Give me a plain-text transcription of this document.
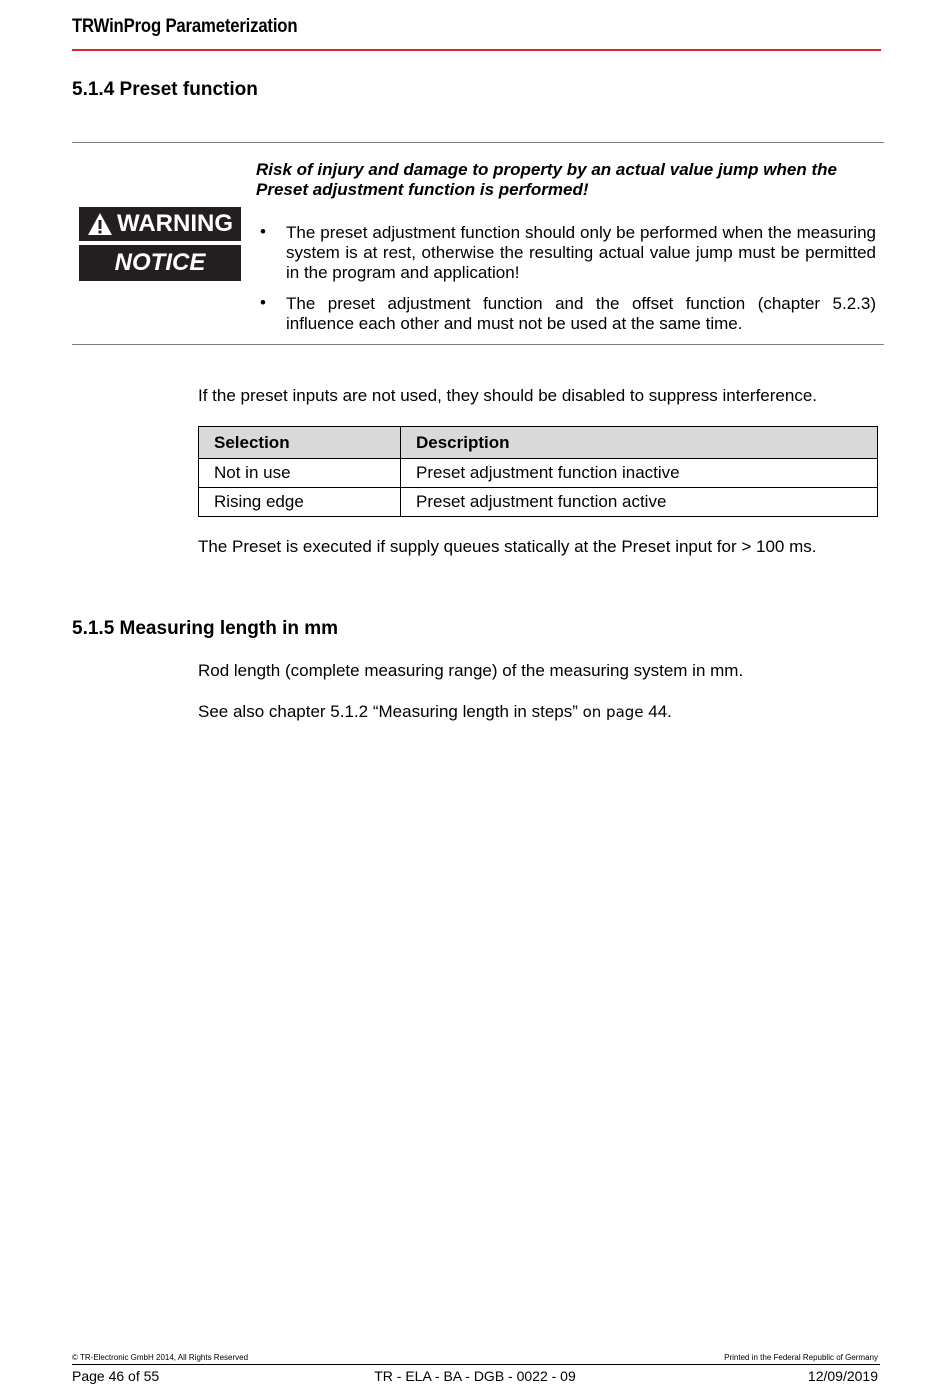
TRWinProg Parameterization
5.1.4 Preset function
WARNING
NOTICE
Risk of injury and damage to property by an actual value jump when the
Preset adjustment function is performed!
• The preset adjustment function should only be performed when the measuring system is at rest, otherwise the resulting actual value jump must be permitted in the program and application!
• The preset adjustment function and the offset function (chapter 5.2.3) influence each other and must not be used at the same time.
If the preset inputs are not used, they should be disabled to suppress interference.
Selection	Description
Not in use	Preset adjustment function inactive
Rising edge	Preset adjustment function active
The Preset is executed if supply queues statically at the Preset input for > 100 ms.
5.1.5 Measuring length in mm
Rod length (complete measuring range) of the measuring system in mm.
See also chapter 5.1.2 “Measuring length in steps” on page 44.
© TR-Electronic GmbH 2014, All Rights Reserved	Printed in the Federal Republic of Germany
Page 46 of 55	TR - ELA - BA - DGB - 0022 - 09	12/09/2019
